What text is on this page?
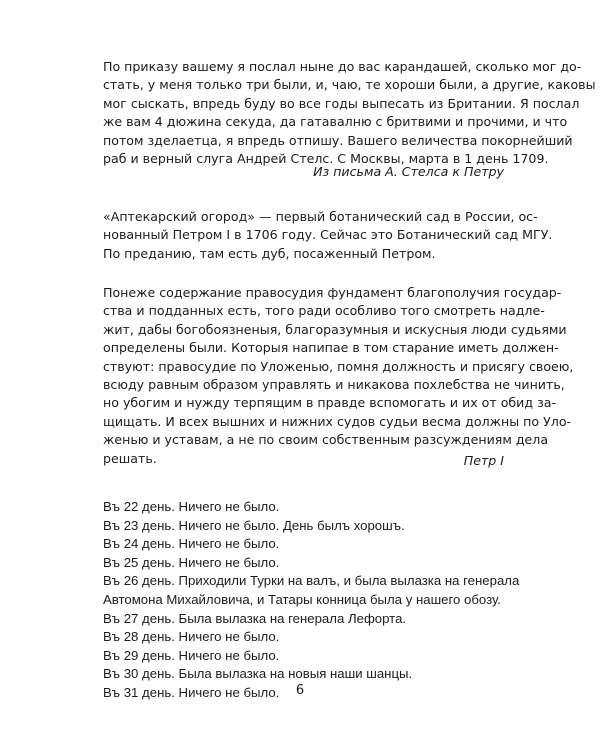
По приказу вашему я послал ныне до вас карандашей, сколько мог до-
стать, у меня только три были, и, чаю, те хороши были, а другие, каковы
мог сыскать, впредь буду во все годы выпесать из Британии. Я послал
же вам 4 дюжина секуда, да гатавалню с бритвими и прочими, и что
потом зделаетца, я впредь отпишу. Вашего величества покорнейший
раб и верный слуга Андрей Стелс. С Москвы, марта в 1 день 1709.
Из письма А. Стелса к Петру
«Аптекарский огород» — первый ботанический сад в России, ос-
нованный Петром I в 1706 году. Сейчас это Ботанический сад МГУ.
По преданию, там есть дуб, посаженный Петром.
Понеже содержание правосудия фундамент благополучия государ-
ства и подданных есть, того ради особливо того смотреть надле-
жит, дабы богобоязненыя, благоразумныя и искусныя люди судьями
определены были. Которыя напипае в том старание иметь должен-
ствуют: правосудие по Уложенью, помня должность и присягу своею,
всюду равным образом управлять и никакова похлебства не чинить,
но убогим и нужду терпящим в правде вспомогать и их от обид за-
щищать. И всех вышних и нижних судов судьи весма должны по Уло-
женью и уставам, а не по своим собственным разсуждениям дела
решать.	Петр I
Въ 22 день. Ничего не было.
Въ 23 день. Ничего не было. День былъ хорошъ.
Въ 24 день. Ничего не было.
Въ 25 день. Ничего не было.
Въ 26 день. Приходили Турки на валъ, и была вылазка на генерала
Автомона Михайловича, и Татары конница была у нашего обозу.
Въ 27 день. Была вылазка на генерала Лефорта.
Въ 28 день. Ничего не было.
Въ 29 день. Ничего не было.
Въ 30 день. Была вылазка на новыя наши шанцы.
Въ 31 день. Ничего не было.	6
